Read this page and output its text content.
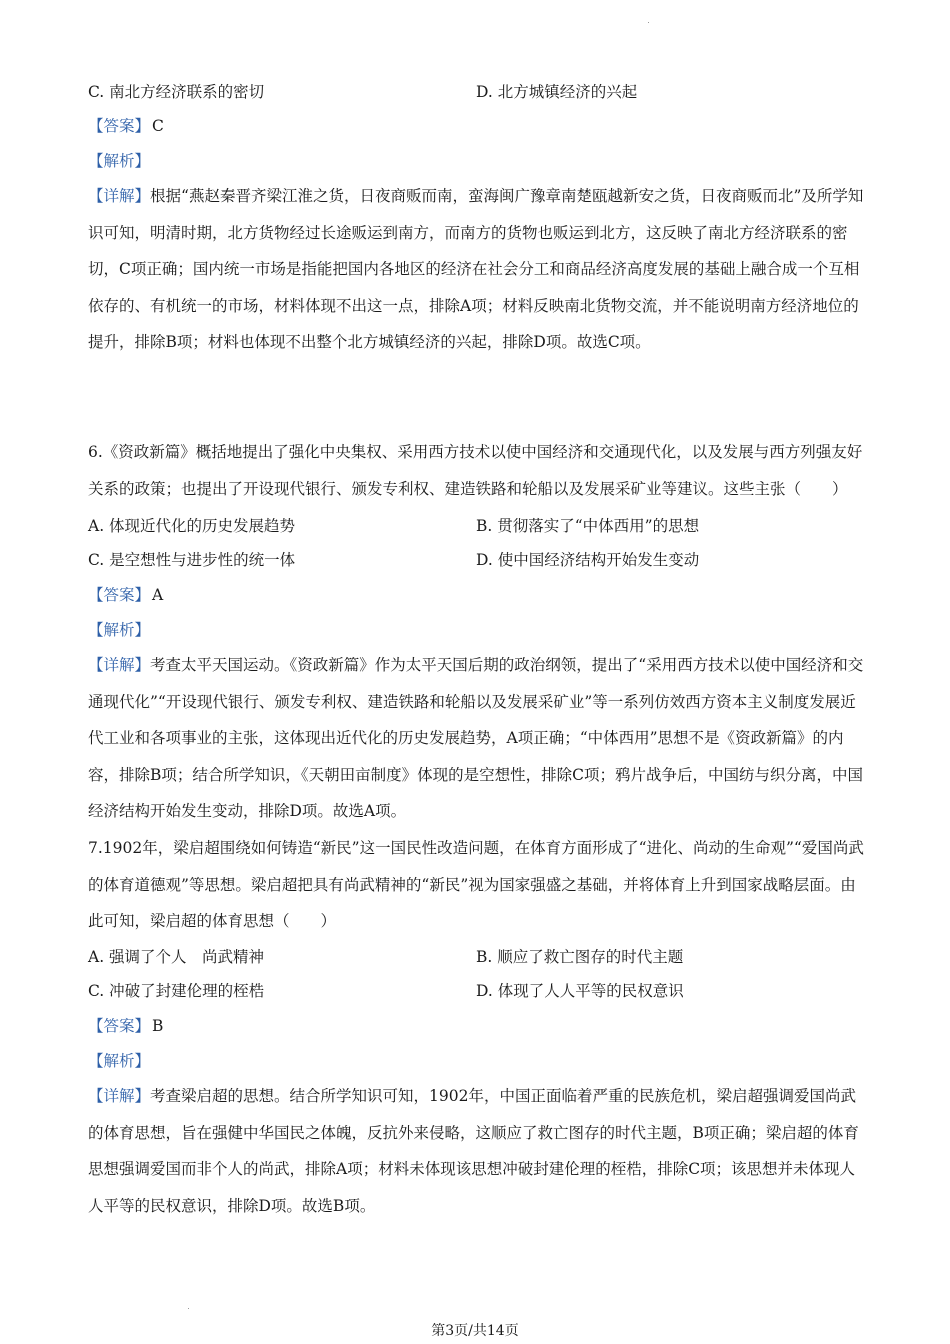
C. 南北方经济联系的密切	D. 北方城镇经济的兴起
【答案】 C
【解析】
【详解】根据“燕赵秦晋齐梁江淮之货，日夜商贩而南，蛮海闽广豫章南楚瓯越新安之货，日夜商贩而北”及所学知识可知，明清时期，北方货物经过长途贩运到南方，而南方的货物也贩运到北方，这反映了南北方经济联系的密切，C项正确；国内统一市场是指能把国内各地区的经济在社会分工和商品经济高度发展的基础上融合成一个互相依存的、有机统一的市场，材料体现不出这一点，排除A项；材料反映南北货物交流，并不能说明南方经济地位的提升，排除B项；材料也体现不出整个北方城镇经济的兴起，排除D项。故选C项。
6.《资政新篇》概括地提出了强化中央集权、采用西方技术以使中国经济和交通现代化，以及发展与西方列强友好关系的政策；也提出了开设现代银行、颁发专利权、建造铁路和轮船以及发展采矿业等建议。这些主张（　　）
A. 体现近代化的历史发展趋势	B. 贯彻落实了“中体西用”的思想
C. 是空想性与进步性的统一体	D. 使中国经济结构开始发生变动
【答案】 A
【解析】
【详解】考查太平天国运动。《资政新篇》作为太平天国后期的政治纲领，提出了“采用西方技术以使中国经济和交通现代化”“开设现代银行、颁发专利权、建造铁路和轮船以及发展采矿业”等一系列仿效西方资本主义制度发展近代工业和各项事业的主张，这体现出近代化的历史发展趋势，A项正确；“中体西用”思想不是《资政新篇》的内容，排除B项；结合所学知识，《天朝田亩制度》体现的是空想性，排除C项；鸦片战争后，中国纺与织分离，中国经济结构开始发生变动，排除D项。故选A项。
7.1902年，梁启超围绕如何铸造“新民”这一国民性改造问题，在体育方面形成了“进化、尚动的生命观”“爱国尚武的体育道德观”等思想。梁启超把具有尚武精神的“新民”视为国家强盛之基础，并将体育上升到国家战略层面。由此可知，梁启超的体育思想（　　）
A. 强调了个人　尚武精神	B. 顺应了救亡图存的时代主题
C. 冲破了封建伦理的桎梏	D. 体现了人人平等的民权意识
【答案】 B
【解析】
【详解】考查梁启超的思想。结合所学知识可知，1902年，中国正面临着严重的民族危机，梁启超强调爱国尚武的体育思想，旨在强健中华国民之体魄，反抗外来侵略，这顺应了救亡图存的时代主题，B项正确；梁启超的体育思想强调爱国而非个人的尚武，排除A项；材料未体现该思想冲破封建伦理的桎梏，排除C项；该思想并未体现人人平等的民权意识，排除D项。故选B项。
第3页/共14页
